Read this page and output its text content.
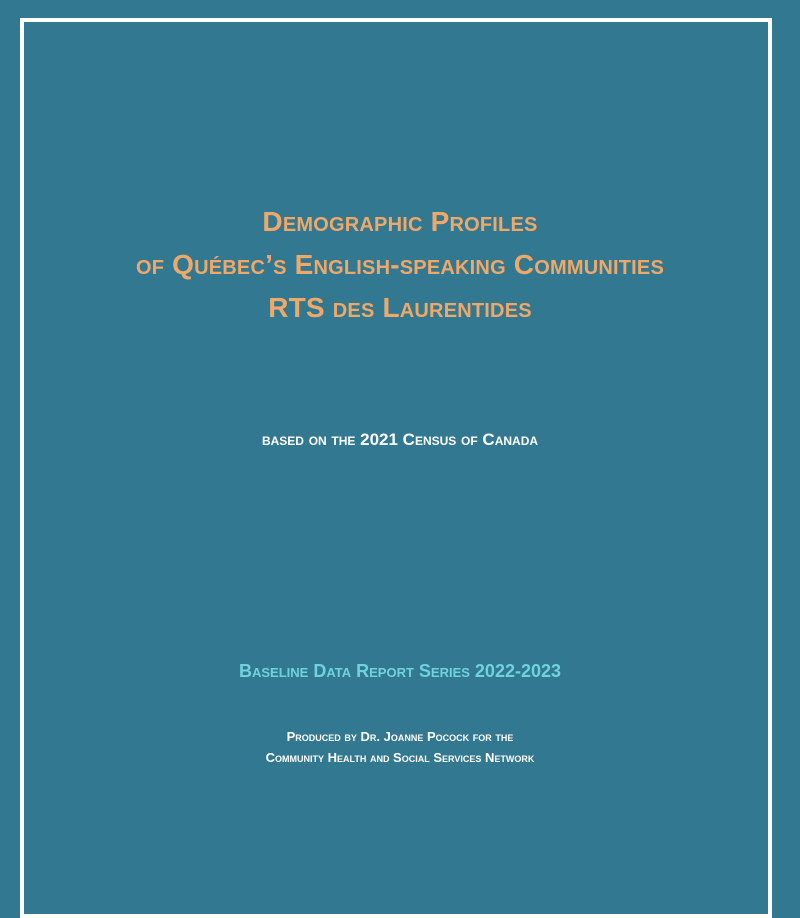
Demographic Profiles
of Québec’s English-speaking Communities
RTS des Laurentides
based on the 2021 Census of Canada
Baseline Data Report Series 2022-2023
Produced by Dr. Joanne Pocock for the
Community Health and Social Services Network
